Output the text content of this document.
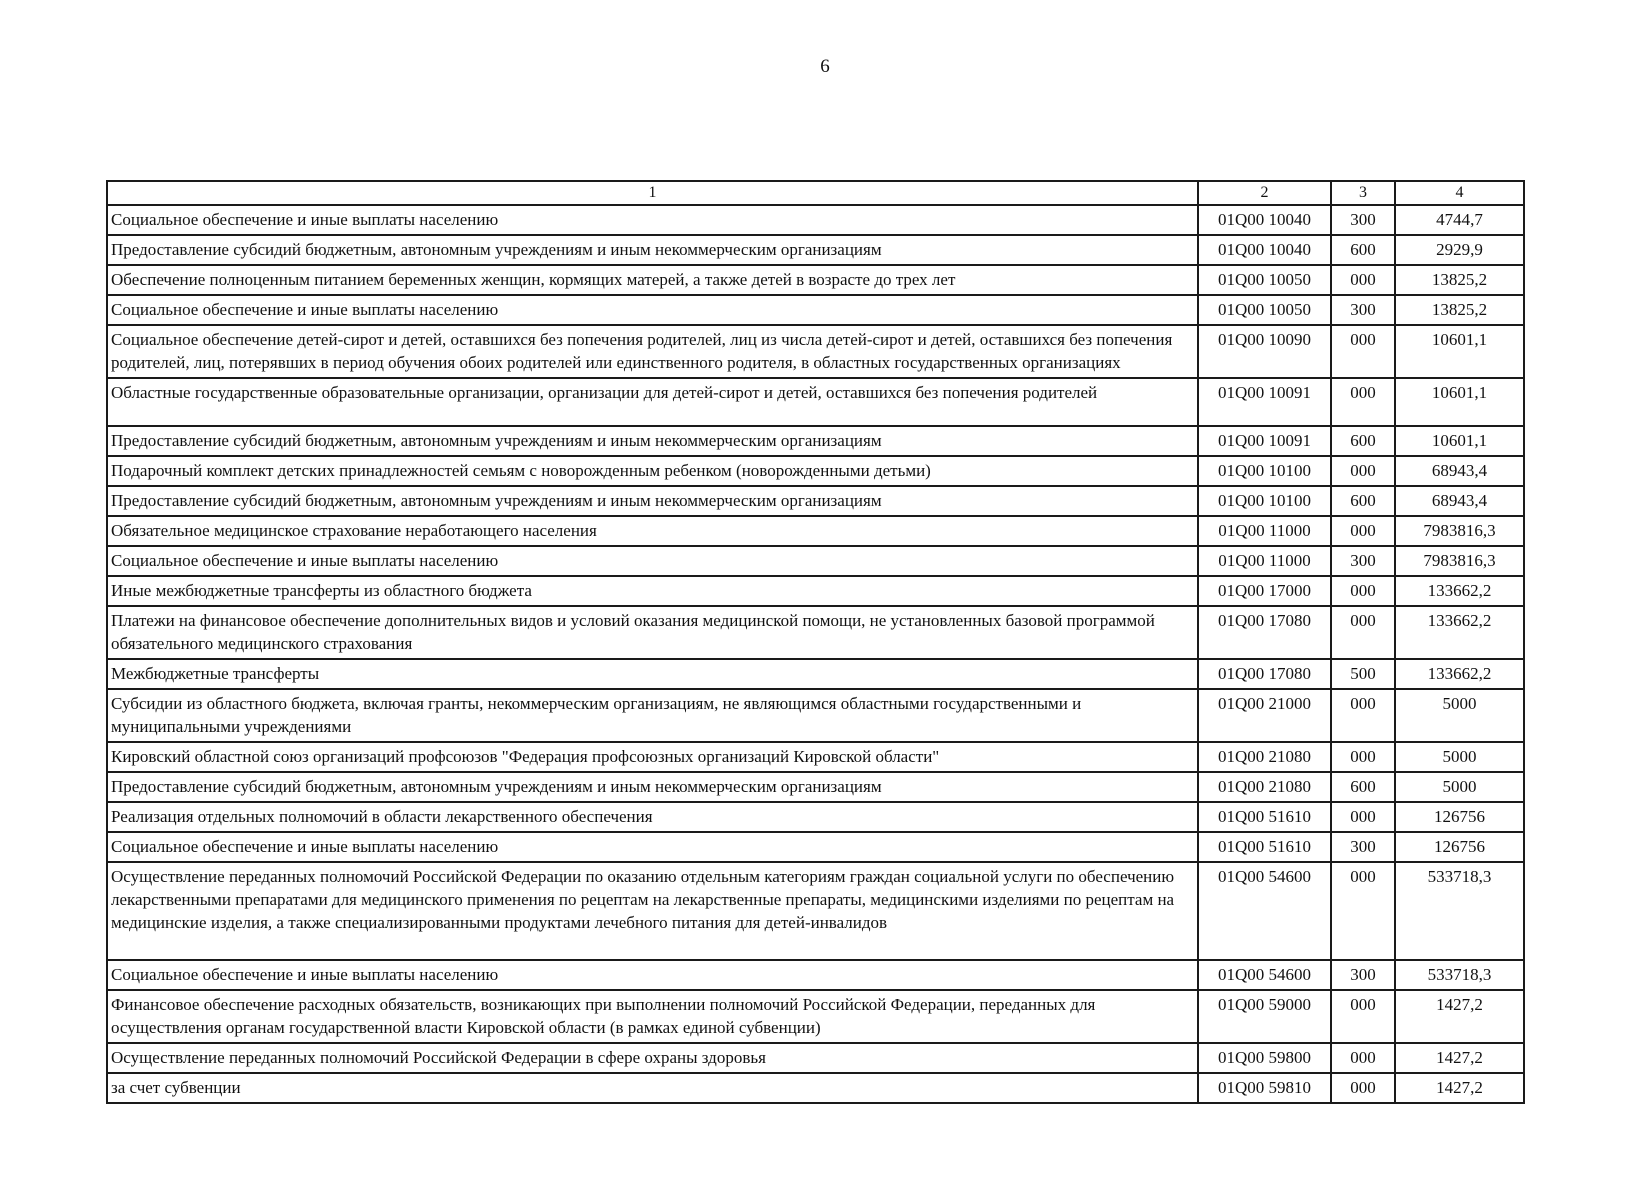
6
1	2	3	4
Социальное обеспечение и иные выплаты населению	01Q00 10040	300	4744,7
Предоставление субсидий бюджетным, автономным учреждениям и иным некоммерческим организациям	01Q00 10040	600	2929,9
Обеспечение полноценным питанием беременных женщин, кормящих матерей, а также детей в возрасте до трех лет	01Q00 10050	000	13825,2
Социальное обеспечение и иные выплаты населению	01Q00 10050	300	13825,2
Социальное обеспечение детей-сирот и детей, оставшихся без попечения родителей, лиц из числа детей-сирот и детей, оставшихся без попечения родителей, лиц, потерявших в период обучения обоих родителей или единственного родителя, в областных государственных организациях	01Q00 10090	000	10601,1
Областные государственные образовательные организации, организации для детей-сирот и детей, оставшихся без попечения родителей	01Q00 10091	000	10601,1
Предоставление субсидий бюджетным, автономным учреждениям и иным некоммерческим организациям	01Q00 10091	600	10601,1
Подарочный комплект детских принадлежностей семьям с новорожденным ребенком (новорожденными детьми)	01Q00 10100	000	68943,4
Предоставление субсидий бюджетным, автономным учреждениям и иным некоммерческим организациям	01Q00 10100	600	68943,4
Обязательное медицинское страхование неработающего населения	01Q00 11000	000	7983816,3
Социальное обеспечение и иные выплаты населению	01Q00 11000	300	7983816,3
Иные межбюджетные трансферты из областного бюджета	01Q00 17000	000	133662,2
Платежи на финансовое обеспечение дополнительных видов и условий оказания медицинской помощи, не установленных базовой программой обязательного медицинского страхования	01Q00 17080	000	133662,2
Межбюджетные трансферты	01Q00 17080	500	133662,2
Субсидии из областного бюджета, включая гранты, некоммерческим организациям, не являющимся областными государственными и муниципальными учреждениями	01Q00 21000	000	5000
Кировский областной союз организаций профсоюзов "Федерация профсоюзных организаций Кировской области"	01Q00 21080	000	5000
Предоставление субсидий бюджетным, автономным учреждениям и иным некоммерческим организациям	01Q00 21080	600	5000
Реализация отдельных полномочий в области лекарственного обеспечения	01Q00 51610	000	126756
Социальное обеспечение и иные выплаты населению	01Q00 51610	300	126756
Осуществление переданных полномочий Российской Федерации по оказанию отдельным категориям граждан социальной услуги по обеспечению лекарственными препаратами для медицинского применения по рецептам на лекарственные препараты, медицинскими изделиями по рецептам на медицинские изделия, а также специализированными продуктами лечебного питания для детей-инвалидов	01Q00 54600	000	533718,3
Социальное обеспечение и иные выплаты населению	01Q00 54600	300	533718,3
Финансовое обеспечение расходных обязательств, возникающих при выполнении полномочий Российской Федерации, переданных для осуществления органам государственной власти Кировской области (в рамках единой субвенции)	01Q00 59000	000	1427,2
Осуществление переданных полномочий Российской Федерации в сфере охраны здоровья	01Q00 59800	000	1427,2
за счет субвенции	01Q00 59810	000	1427,2
